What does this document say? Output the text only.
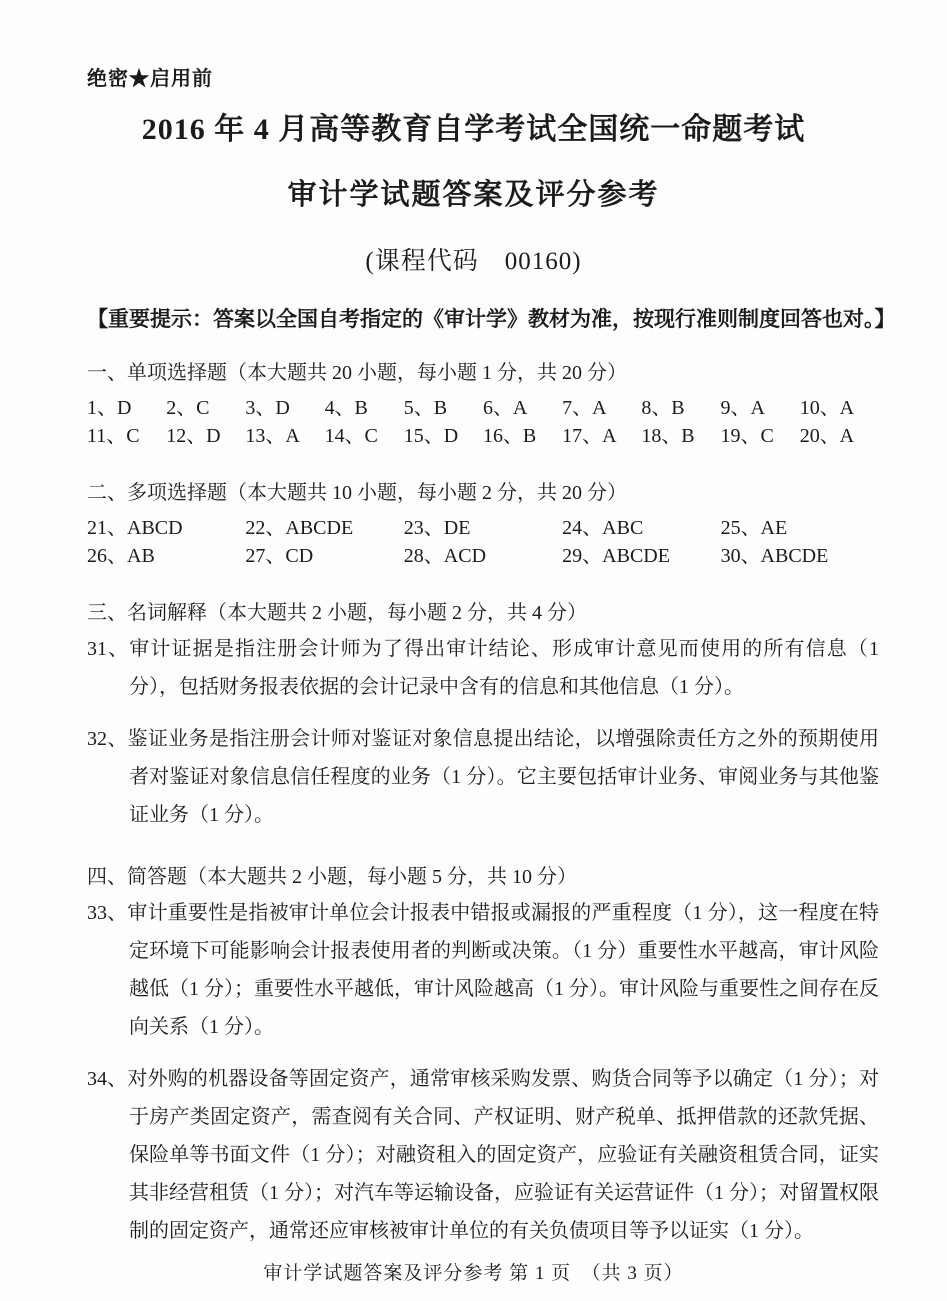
绝密★启用前
2016 年 4 月高等教育自学考试全国统一命题考试
审计学试题答案及评分参考
(课程代码　00160)
【重要提示：答案以全国自考指定的《审计学》教材为准，按现行准则制度回答也对。】
一、单项选择题（本大题共 20 小题，每小题 1 分，共 20 分）
1、D	2、C	3、D	4、B	5、B	6、A	7、A	8、B	9、A	10、A
11、C	12、D	13、A	14、C	15、D	16、B	17、A	18、B	19、C	20、A
二、多项选择题（本大题共 10 小题，每小题 2 分，共 20 分）
21、ABCD	22、ABCDE	23、DE	24、ABC	25、AE
26、AB	27、CD	28、ACD	29、ABCDE	30、ABCDE
三、名词解释（本大题共 2 小题，每小题 2 分，共 4 分）

31、审计证据是指注册会计师为了得出审计结论、形成审计意见而使用的所有信息（1 分），包括财务报表依据的会计记录中含有的信息和其他信息（1 分）。

32、鉴证业务是指注册会计师对鉴证对象信息提出结论，以增强除责任方之外的预期使用者对鉴证对象信息信任程度的业务（1 分）。它主要包括审计业务、审阅业务与其他鉴证业务（1 分）。

四、简答题（本大题共 2 小题，每小题 5 分，共 10 分）

33、审计重要性是指被审计单位会计报表中错报或漏报的严重程度（1 分），这一程度在特定环境下可能影响会计报表使用者的判断或决策。（1 分）重要性水平越高，审计风险越低（1 分）；重要性水平越低，审计风险越高（1 分）。审计风险与重要性之间存在反向关系（1 分）。

34、对外购的机器设备等固定资产，通常审核采购发票、购货合同等予以确定（1 分）；对于房产类固定资产，需查阅有关合同、产权证明、财产税单、抵押借款的还款凭据、保险单等书面文件（1 分）；对融资租入的固定资产，应验证有关融资租赁合同，证实其非经营租赁（1 分）；对汽车等运输设备，应验证有关运营证件（1 分）；对留置权限制的固定资产，通常还应审核被审计单位的有关负债项目等予以证实（1 分）。

审计学试题答案及评分参考 第 1 页　（共 3 页）
